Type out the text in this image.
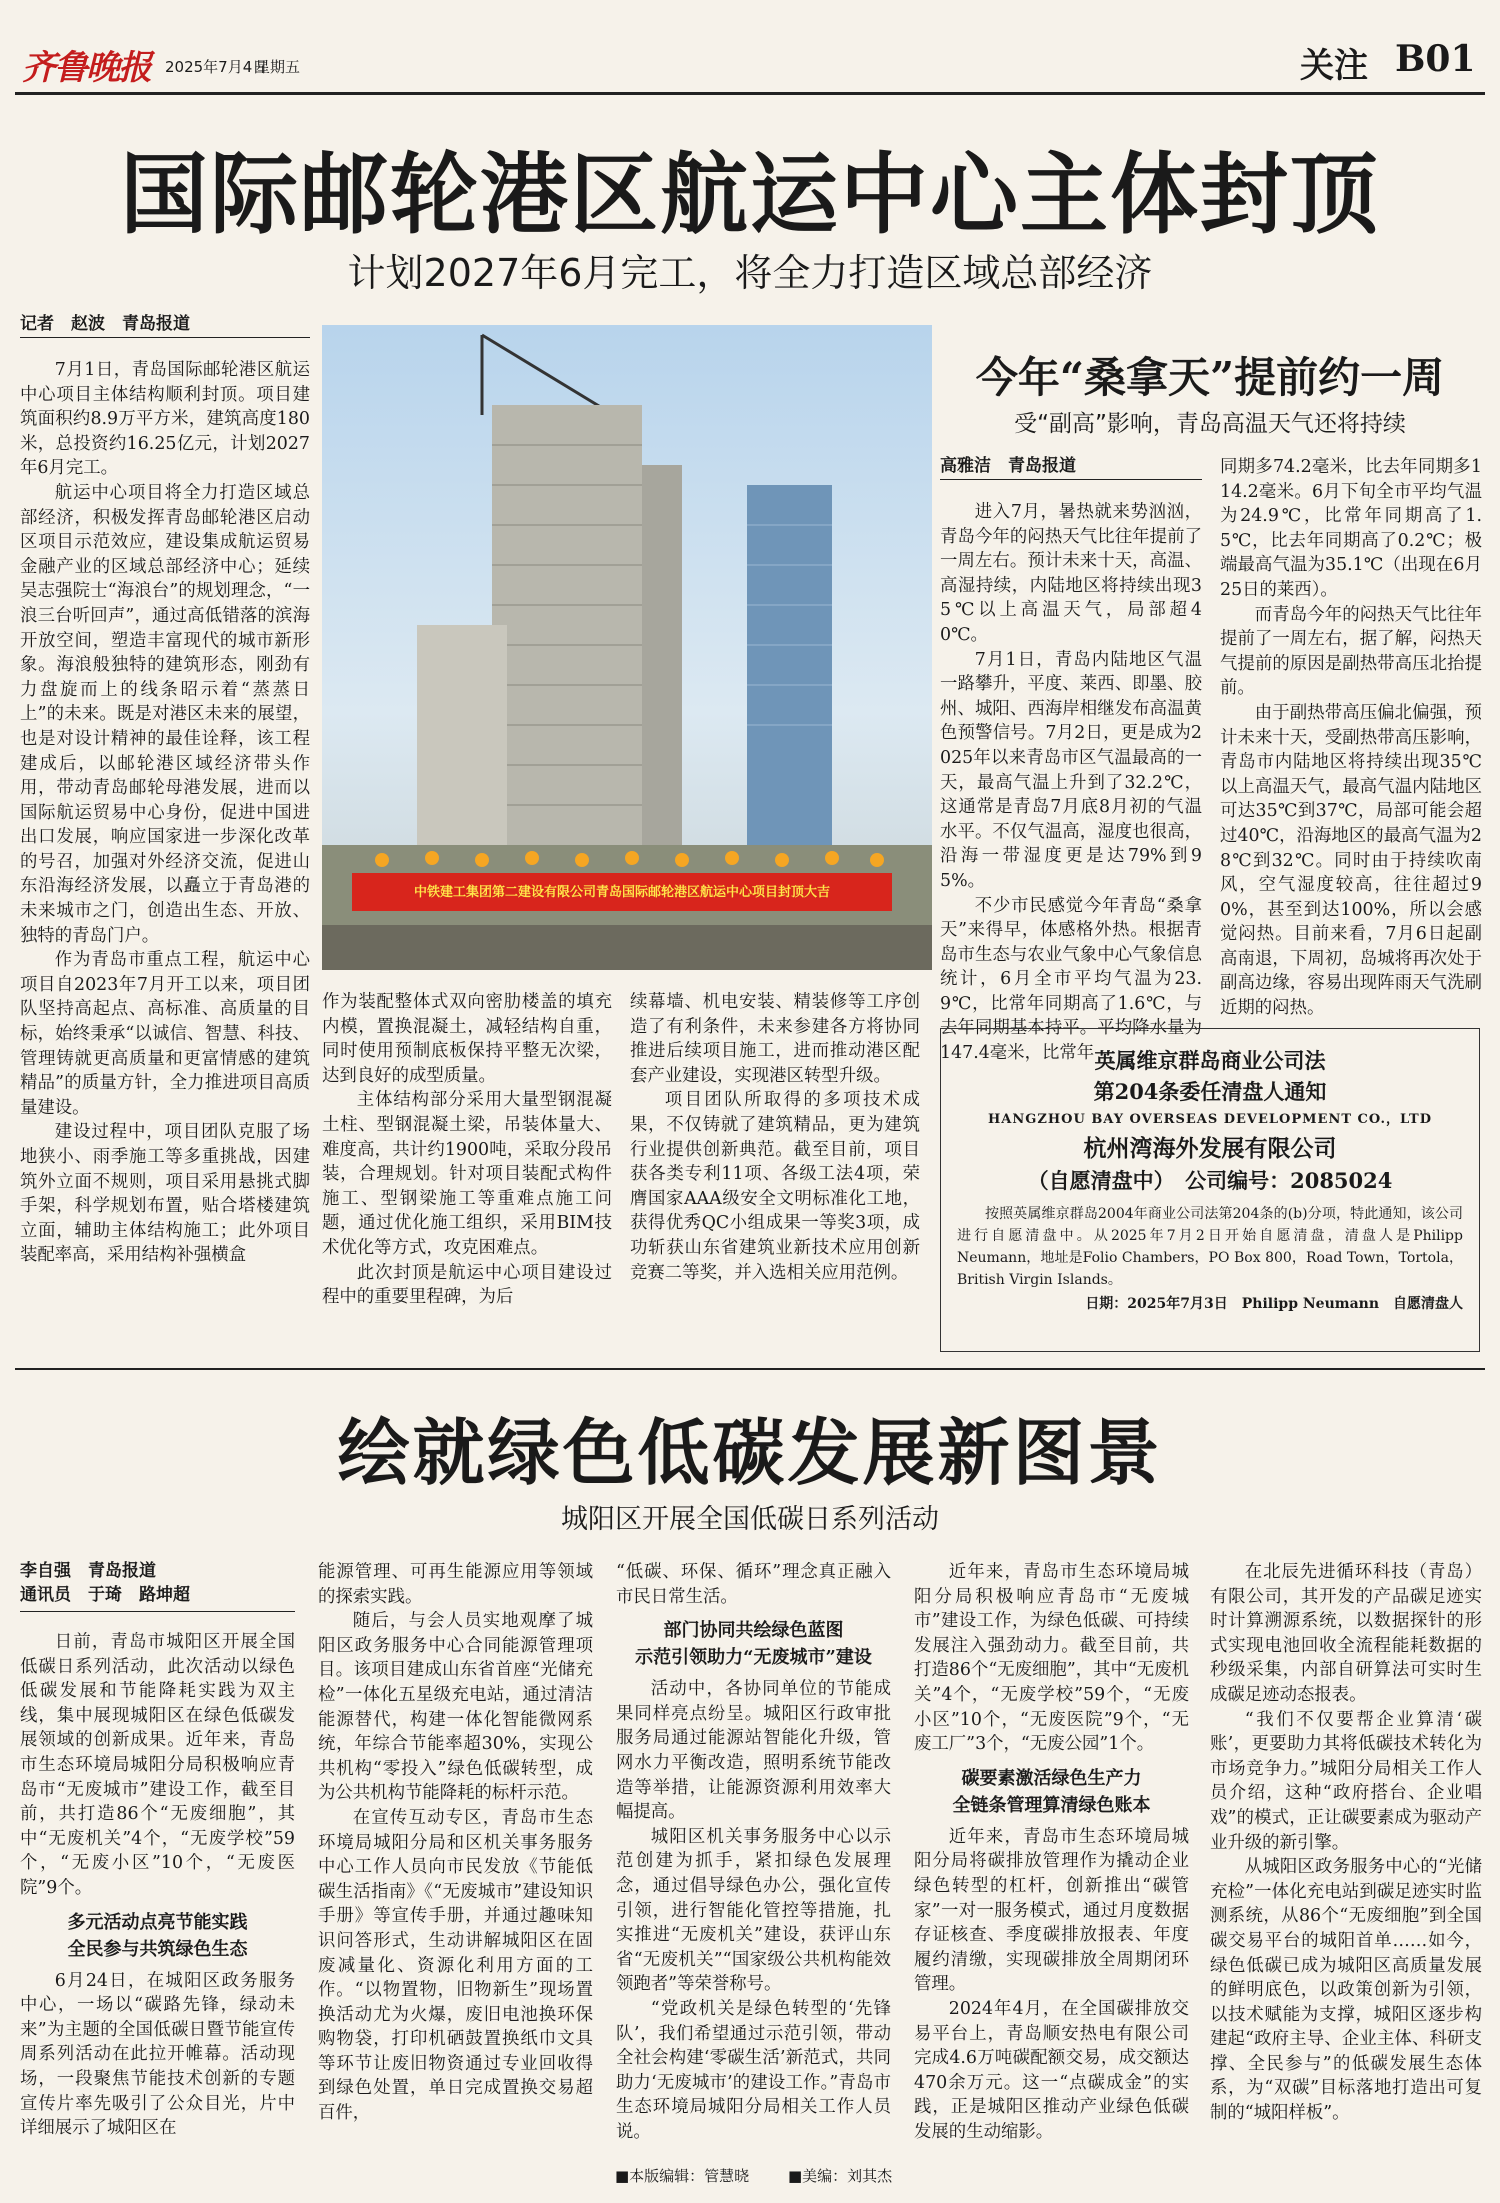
齐鲁晚报 2025年7月4日
星期五	关注 B01
国际邮轮港区航运中心主体封顶
计划2027年6月完工，将全力打造区域总部经济
记者　赵波　青岛报道

7月1日，青岛国际邮轮港区航运中心项目主体结构顺利封顶。项目建筑面积约8.9万平方米，建筑高度180米，总投资约16.25亿元，计划2027年6月完工。

航运中心项目将全力打造区域总部经济，积极发挥青岛邮轮港区启动区项目示范效应，建设集成航运贸易金融产业的区域总部经济中心；延续吴志强院士“海浪台”的规划理念，“一浪三台听回声”，通过高低错落的滨海开放空间，塑造丰富现代的城市新形象。海浪般独特的建筑形态，刚劲有力盘旋而上的线条昭示着“蒸蒸日上”的未来。既是对港区未来的展望，也是对设计精神的最佳诠释，该工程建成后，以邮轮港区域经济带头作用，带动青岛邮轮母港发展，进而以国际航运贸易中心身份，促进中国进出口发展，响应国家进一步深化改革的号召，加强对外经济交流，促进山东沿海经济发展，以矗立于青岛港的未来城市之门，创造出生态、开放、独特的青岛门户。

作为青岛市重点工程，航运中心项目自2023年7月开工以来，项目团队坚持高起点、高标准、高质量的目标，始终秉承“以诚信、智慧、科技、管理铸就更高质量和更富情感的建筑精品”的质量方针，全力推进项目高质量建设。

建设过程中，项目团队克服了场地狭小、雨季施工等多重挑战，因建筑外立面不规则，项目采用悬挑式脚手架，科学规划布置，贴合塔楼建筑立面，辅助主体结构施工；此外项目装配率高，采用结构补强横盒

中铁建工集团第二建设有限公司青岛国际邮轮港区航运中心项目封顶大吉

作为装配整体式双向密肋楼盖的填充内模，置换混凝土，减轻结构自重，同时使用预制底板保持平整无次梁，达到良好的成型质量。

主体结构部分采用大量型钢混凝土柱、型钢混凝土梁，吊装体量大、难度高，共计约1900吨，采取分段吊装，合理规划。针对项目装配式构件施工、型钢梁施工等重难点施工问题，通过优化施工组织，采用BIM技术优化等方式，攻克困难点。

此次封顶是航运中心项目建设过程中的重要里程碑，为后

续幕墙、机电安装、精装修等工序创造了有利条件，未来参建各方将协同推进后续项目施工，进而推动港区配套产业建设，实现港区转型升级。

项目团队所取得的多项技术成果，不仅铸就了建筑精品，更为建筑行业提供创新典范。截至目前，项目获各类专利11项、各级工法4项，荣膺国家AAA级安全文明标准化工地，获得优秀QC小组成果一等奖3项，成功斩获山东省建筑业新技术应用创新竞赛二等奖，并入选相关应用范例。

今年“桑拿天”提前约一周
受“副高”影响，青岛高温天气还将持续
高雅洁　青岛报道

进入7月，暑热就来势汹汹，青岛今年的闷热天气比往年提前了一周左右。预计未来十天，高温、高湿持续，内陆地区将持续出现35℃以上高温天气，局部超40℃。

7月1日，青岛内陆地区气温一路攀升，平度、莱西、即墨、胶州、城阳、西海岸相继发布高温黄色预警信号。7月2日，更是成为2025年以来青岛市区气温最高的一天，最高气温上升到了32.2℃，这通常是青岛7月底8月初的气温水平。不仅气温高，湿度也很高，沿海一带湿度更是达79%到95%。

不少市民感觉今年青岛“桑拿天”来得早，体感格外热。根据青岛市生态与农业气象中心气象信息统计，6月全市平均气温为23.9℃，比常年同期高了1.6℃，与去年同期基本持平。平均降水量为147.4毫米，比常年

同期多74.2毫米，比去年同期多114.2毫米。6月下旬全市平均气温为24.9℃，比常年同期高了1.5℃，比去年同期高了0.2℃；极端最高气温为35.1℃（出现在6月25日的莱西）。

而青岛今年的闷热天气比往年提前了一周左右，据了解，闷热天气提前的原因是副热带高压北抬提前。

由于副热带高压偏北偏强，预计未来十天，受副热带高压影响，青岛市内陆地区将持续出现35℃以上高温天气，最高气温内陆地区可达35℃到37℃，局部可能会超过40℃，沿海地区的最高气温为28℃到32℃。同时由于持续吹南风，空气湿度较高，往往超过90%，甚至到达100%，所以会感觉闷热。目前来看，7月6日起副高南退，下周初，岛城将再次处于副高边缘，容易出现阵雨天气洗刷近期的闷热。

英属维京群岛商业公司法
第204条委任清盘人通知
HANGZHOU BAY OVERSEAS DEVELOPMENT CO.，LTD
杭州湾海外发展有限公司
（自愿清盘中）　公司编号：2085024
按照英属维京群岛2004年商业公司法第204条的(b)分项，特此通知，该公司进行自愿清盘中。从2025年7月2日开始自愿清盘，清盘人是Philipp Neumann，地址是Folio Chambers，PO Box 800，Road Town，Tortola，British Virgin Islands。
日期：2025年7月3日　Philipp Neumann　自愿清盘人
绘就绿色低碳发展新图景
城阳区开展全国低碳日系列活动
李自强　青岛报道
通讯员　于琦　路坤超

日前，青岛市城阳区开展全国低碳日系列活动，此次活动以绿色低碳发展和节能降耗实践为双主线，集中展现城阳区在绿色低碳发展领域的创新成果。近年来，青岛市生态环境局城阳分局积极响应青岛市“无废城市”建设工作，截至目前，共打造86个“无废细胞”，其中“无废机关”4个，“无废学校”59个，“无废小区”10个，“无废医院”9个。

多元活动点亮节能实践
全民参与共筑绿色生态

6月24日，在城阳区政务服务中心，一场以“碳路先锋，绿动未来”为主题的全国低碳日暨节能宣传周系列活动在此拉开帷幕。活动现场，一段聚焦节能技术创新的专题宣传片率先吸引了公众目光，片中详细展示了城阳区在

能源管理、可再生能源应用等领域的探索实践。

随后，与会人员实地观摩了城阳区政务服务中心合同能源管理项目。该项目建成山东省首座“光储充检”一体化五星级充电站，通过清洁能源替代，构建一体化智能微网系统，年综合节能率超30%，实现公共机构“零投入”绿色低碳转型，成为公共机构节能降耗的标杆示范。

在宣传互动专区，青岛市生态环境局城阳分局和区机关事务服务中心工作人员向市民发放《节能低碳生活指南》《“无废城市”建设知识手册》等宣传手册，并通过趣味知识问答形式，生动讲解城阳区在固废减量化、资源化利用方面的工作。“以物置物，旧物新生”现场置换活动尤为火爆，废旧电池换环保购物袋，打印机硒鼓置换纸巾文具等环节让废旧物资通过专业回收得到绿色处置，单日完成置换交易超百件，

“低碳、环保、循环”理念真正融入市民日常生活。

部门协同共绘绿色蓝图
示范引领助力“无废城市”建设

活动中，各协同单位的节能成果同样亮点纷呈。城阳区行政审批服务局通过能源站智能化升级，管网水力平衡改造，照明系统节能改造等举措，让能源资源利用效率大幅提高。

城阳区机关事务服务中心以示范创建为抓手，紧扣绿色发展理念，通过倡导绿色办公，强化宣传引领，进行智能化管控等措施，扎实推进“无废机关”建设，获评山东省“无废机关”“国家级公共机构能效领跑者”等荣誉称号。

“党政机关是绿色转型的‘先锋队’，我们希望通过示范引领，带动全社会构建‘零碳生活’新范式，共同助力‘无废城市’的建设工作。”青岛市生态环境局城阳分局相关工作人员说。

近年来，青岛市生态环境局城阳分局积极响应青岛市“无废城市”建设工作，为绿色低碳、可持续发展注入强劲动力。截至目前，共打造86个“无废细胞”，其中“无废机关”4个，“无废学校”59个，“无废小区”10个，“无废医院”9个，“无废工厂”3个，“无废公园”1个。

碳要素激活绿色生产力
全链条管理算清绿色账本

近年来，青岛市生态环境局城阳分局将碳排放管理作为撬动企业绿色转型的杠杆，创新推出“碳管家”一对一服务模式，通过月度数据存证核查、季度碳排放报表、年度履约清缴，实现碳排放全周期闭环管理。

2024年4月，在全国碳排放交易平台上，青岛顺安热电有限公司完成4.6万吨碳配额交易，成交额达470余万元。这一“点碳成金”的实践，正是城阳区推动产业绿色低碳发展的生动缩影。

在北辰先进循环科技（青岛）有限公司，其开发的产品碳足迹实时计算溯源系统，以数据探针的形式实现电池回收全流程能耗数据的秒级采集，内部自研算法可实时生成碳足迹动态报表。

“我们不仅要帮企业算清‘碳账’，更要助力其将低碳技术转化为市场竞争力。”城阳分局相关工作人员介绍，这种“政府搭台、企业唱戏”的模式，正让碳要素成为驱动产业升级的新引擎。

从城阳区政务服务中心的“光储充检”一体化充电站到碳足迹实时监测系统，从86个“无废细胞”到全国碳交易平台的城阳首单……如今，绿色低碳已成为城阳区高质量发展的鲜明底色，以政策创新为引领，以技术赋能为支撑，城阳区逐步构建起“政府主导、企业主体、科研支撑、全民参与”的低碳发展生态体系，为“双碳”目标落地打造出可复制的“城阳样板”。

■本版编辑：管慧晓	■美编：刘其杰
